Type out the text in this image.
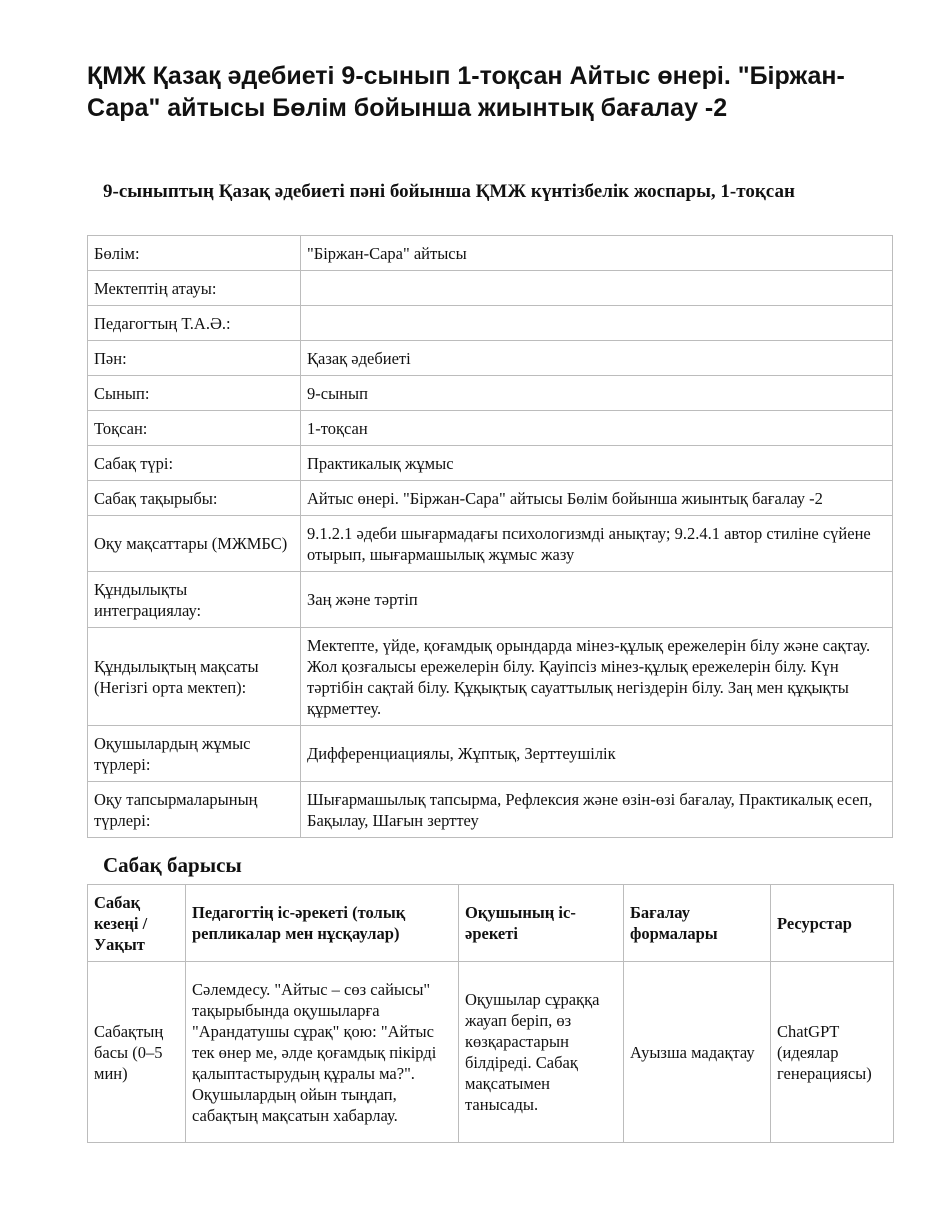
ҚМЖ Қазақ әдебиеті 9-сынып 1-тоқсан Айтыс өнері. "Біржан-Сара" айтысы Бөлім бойынша жиынтық бағалау -2
9-сыныптың Қазақ әдебиеті пәні бойынша ҚМЖ күнтізбелік жоспары, 1-тоқсан
Бөлім:	"Біржан-Сара" айтысы
Мектептің атауы:	
Педагогтың Т.А.Ә.:	
Пән:	Қазақ әдебиеті
Сынып:	9-сынып
Тоқсан:	1-тоқсан
Сабақ түрі:	Практикалық жұмыс
Сабақ тақырыбы:	Айтыс өнері. "Біржан-Сара" айтысы Бөлім бойынша жиынтық бағалау -2
Оқу мақсаттары (МЖМБС)	9.1.2.1 әдеби шығармадағы психологизмді анықтау; 9.2.4.1 автор стиліне сүйене отырып, шығармашылық жұмыс жазу
Құндылықты интеграциялау:	Заң және тәртіп
Құндылықтың мақсаты (Негізгі орта мектеп):	Мектепте, үйде, қоғамдық орындарда мінез-құлық ережелерін білу және сақтау. Жол қозғалысы ережелерін білу. Қауіпсіз мінез-құлық ережелерін білу. Күн тәртібін сақтай білу. Құқықтық сауаттылық негіздерін білу. Заң мен құқықты құрметтеу.
Оқушылардың жұмыс түрлері:	Дифференциациялы, Жұптық, Зерттеушілік
Оқу тапсырмаларының түрлері:	Шығармашылық тапсырма, Рефлексия және өзін-өзі бағалау, Практикалық есеп, Бақылау, Шағын зерттеу
Сабақ барысы
Сабақ кезеңі / Уақыт	Педагогтің іс-әрекеті (толық репликалар мен нұсқаулар)	Оқушының іс-әрекеті	Бағалау формалары	Ресурстар
Сабақтың басы (0–5 мин)	Сәлемдесу. "Айтыс – сөз сайысы" тақырыбында оқушыларға "Арандатушы сұрақ" қою: "Айтыс тек өнер ме, әлде қоғамдық пікірді қалыптастырудың құралы ма?". Оқушылардың ойын тыңдап, сабақтың мақсатын хабарлау.	Оқушылар сұраққа жауап беріп, өз көзқарастарын білдіреді. Сабақ мақсатымен танысады.	Ауызша мадақтау	ChatGPT (идеялар генерациясы)
